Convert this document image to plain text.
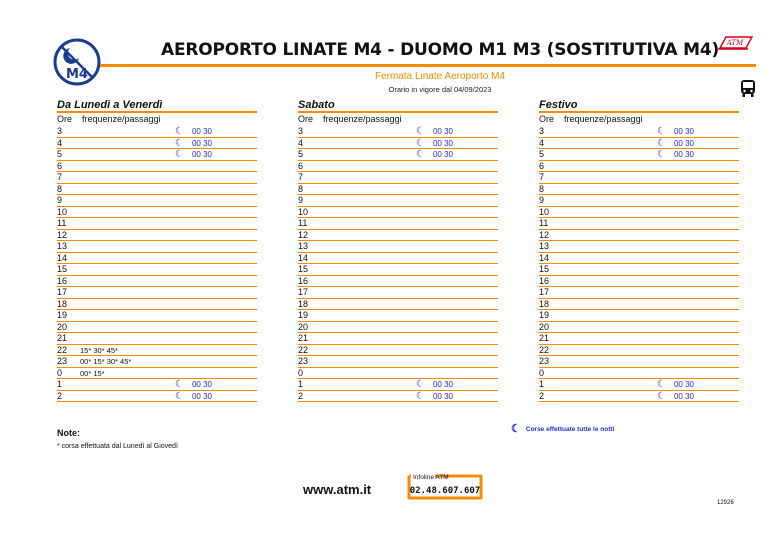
M4
AEROPORTO LINATE M4 - DUOMO M1 M3 (SOSTITUTIVA M4) ATM
Fermata Linate Aeroporto M4
Orario in vigore dal 04/09/2023
Da Lunedì a Venerdì
Ore frequenze/passaggi
3	☾ 00 30
4	☾ 00 30
5	☾ 00 30
6
7
8
9
10
11
12
13
14
15
16
17
18
19
20
21
22 15* 30* 45*
23 00* 15* 30* 45*
0 00* 15*
1	☾ 00 30
2	☾ 00 30
Sabato
Ore frequenze/passaggi
3	☾ 00 30
4	☾ 00 30
5	☾ 00 30
6
7
8
9
10
11
12
13
14
15
16
17
18
19
20
21
22
23
0
1	☾ 00 30
2	☾ 00 30
Festivo
Ore frequenze/passaggi
3	☾ 00 30
4	☾ 00 30
5	☾ 00 30
6
7
8
9
10
11
12
13
14
15
16
17
18
19
20
21
22
23
0
1	☾ 00 30
2	☾ 00 30
Note:
* corsa effettuata dal Lunedì al Giovedì
☾ Corse effettuate tutte le notti
www.atm.it
Infoline ATM
02.48.607.607
12926
